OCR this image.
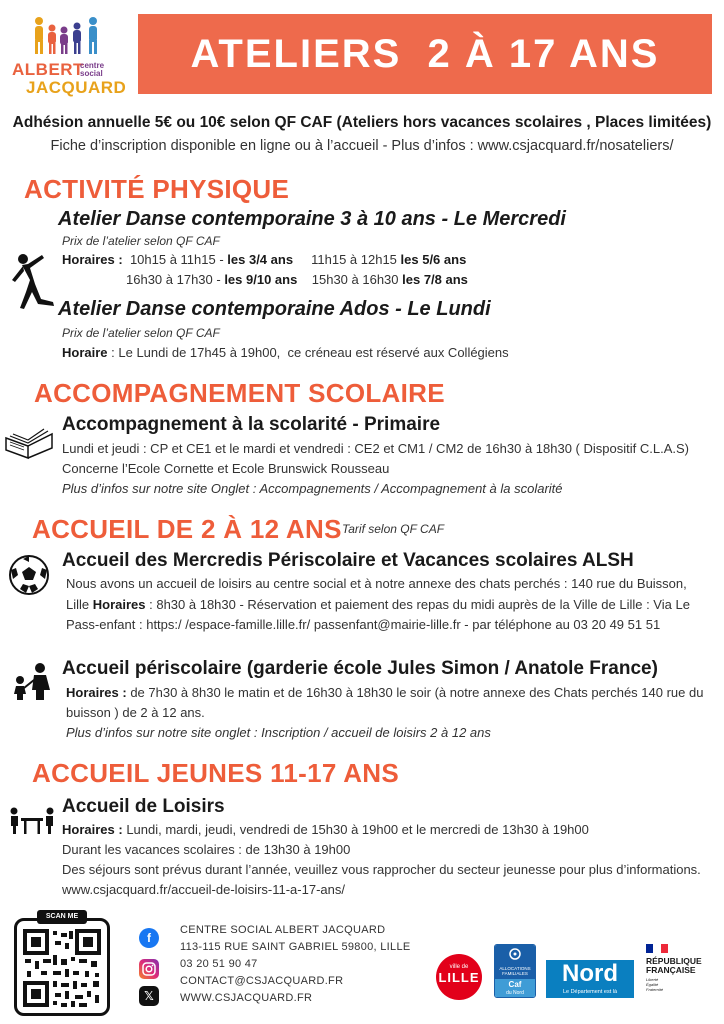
ALBERT
centre
social
JACQUARD
ATELIERS  2 À 17 ANS
Adhésion annuelle 5€ ou 10€ selon QF CAF (Ateliers hors vacances scolaires , Places limitées)
Fiche d’inscription disponible en ligne ou à l’accueil - Plus d’infos : www.csjacquard.fr/nosateliers/
ACTIVITÉ PHYSIQUE
Atelier Danse contemporaine 3 à 10 ans - Le Mercredi
Prix de l’atelier selon QF CAF
Horaires : 10h15 à 11h15 - les 3/4 ans 11h15 à 12h15 les 5/6 ans
16h30 à 17h30 - les 9/10 ans 15h30 à 16h30 les 7/8 ans
Atelier Danse contemporaine Ados - Le Lundi
Prix de l’atelier selon QF CAF
Horaire : Le Lundi de 17h45 à 19h00,  ce créneau est réservé aux Collégiens
ACCOMPAGNEMENT SCOLAIRE
Accompagnement à la scolarité - Primaire
Lundi et jeudi : CP et CE1 et le mardi et vendredi : CE2 et CM1 / CM2 de 16h30 à 18h30 ( Dispositif C.L.A.S)
Concerne l’Ecole Cornette et Ecole Brunswick Rousseau
Plus d’infos sur notre site Onglet : Accompagnements / Accompagnement à la scolarité
ACCUEIL DE 2 À 12 ANS Tarif selon QF CAF
Accueil des Mercredis Périscolaire et Vacances scolaires ALSH
Nous avons un accueil de loisirs au centre social et à notre annexe des chats perchés : 140 rue du Buisson,
Lille Horaires : 8h30 à 18h30 - Réservation et paiement des repas du midi auprès de la Ville de Lille : Via Le
Pass-enfant : https:/ /espace-famille.lille.fr/ passenfant@mairie-lille.fr - par téléphone au 03 20 49 51 51
Accueil périscolaire (garderie école Jules Simon / Anatole France)
Horaires : de 7h30 à 8h30 le matin et de 16h30 à 18h30 le soir (à notre annexe des Chats perchés 140 rue du
buisson ) de 2 à 12 ans.
Plus d’infos sur notre site onglet : Inscription / accueil de loisirs 2 à 12 ans
ACCUEIL JEUNES 11-17 ANS
Accueil de Loisirs
Horaires : Lundi, mardi, jeudi, vendredi de 15h30 à 19h00 et le mercredi de 13h30 à 19h00
Durant les vacances scolaires : de 13h30 à 19h00
Des séjours sont prévus durant l’année, veuillez vous rapprocher du secteur jeunesse pour plus d’informations.
www.csjacquard.fr/accueil-de-loisirs-11-a-17-ans/
SCAN ME
f
𝕏
CENTRE SOCIAL ALBERT JACQUARD
113-115 RUE SAINT GABRIEL 59800, LILLE
03 20 51 90 47
CONTACT@CSJACQUARD.FR
WWW.CSJACQUARD.FR
ville de
LILLE
ALLOCATIONS
FAMILIALES
Caf
du Nord
Nord
Le Département est là
RÉPUBLIQUE
FRANÇAISE
Liberté
Égalité
Fraternité
